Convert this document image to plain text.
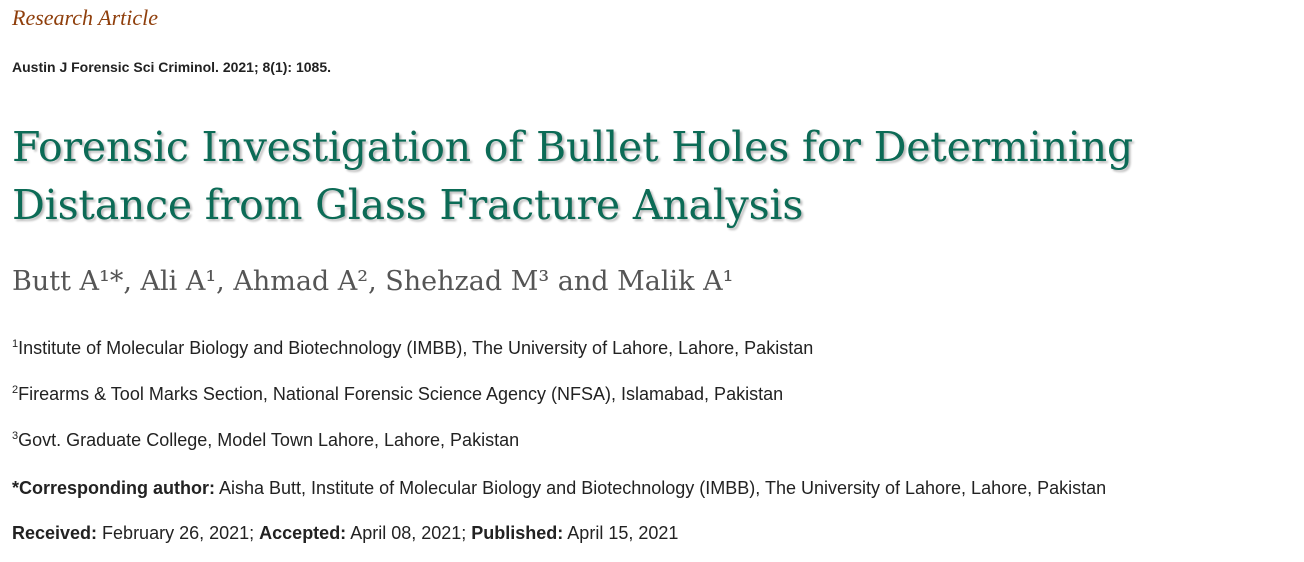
Research Article
Austin J Forensic Sci Criminol. 2021; 8(1): 1085.
Forensic Investigation of Bullet Holes for Determining
Distance from Glass Fracture Analysis
Butt A¹*, Ali A¹, Ahmad A², Shehzad M³ and Malik A¹
$^1$Institute of Molecular Biology and Biotechnology (IMBB), The University of Lahore, Lahore, Pakistan
$^2$Firearms & Tool Marks Section, National Forensic Science Agency (NFSA), Islamabad, Pakistan
$^3$Govt. Graduate College, Model Town Lahore, Lahore, Pakistan
*Corresponding author: Aisha Butt, Institute of Molecular Biology and Biotechnology (IMBB), The University of Lahore, Lahore, Pakistan
Received: February 26, 2021; Accepted: April 08, 2021; Published: April 15, 2021
